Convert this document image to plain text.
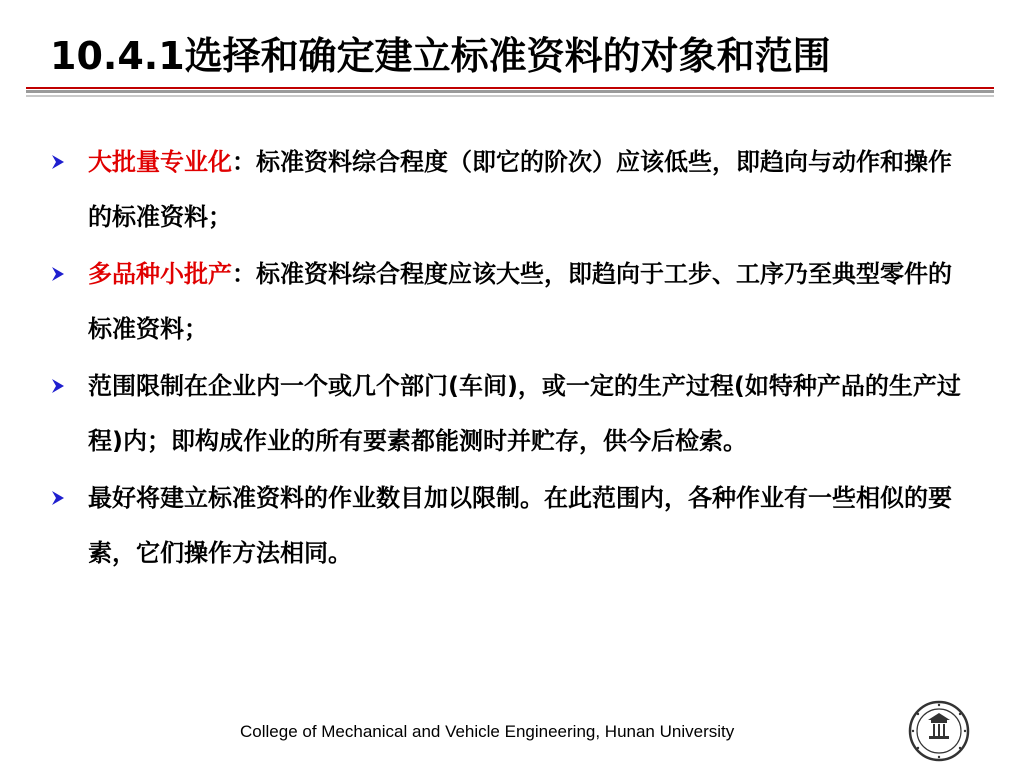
10.4.1选择和确定建立标准资料的对象和范围
大批量专业化：标准资料综合程度（即它的阶次）应该低些，即趋向与动作和操作的标准资料；
多品种小批产：标准资料综合程度应该大些，即趋向于工步、工序乃至典型零件的标准资料；
范围限制在企业内一个或几个部门(车间)，或一定的生产过程(如特种产品的生产过程)内；即构成作业的所有要素都能测时并贮存，供今后检索。
最好将建立标准资料的作业数目加以限制。在此范围内，各种作业有一些相似的要素，它们操作方法相同。
College of Mechanical and Vehicle Engineering, Hunan University
